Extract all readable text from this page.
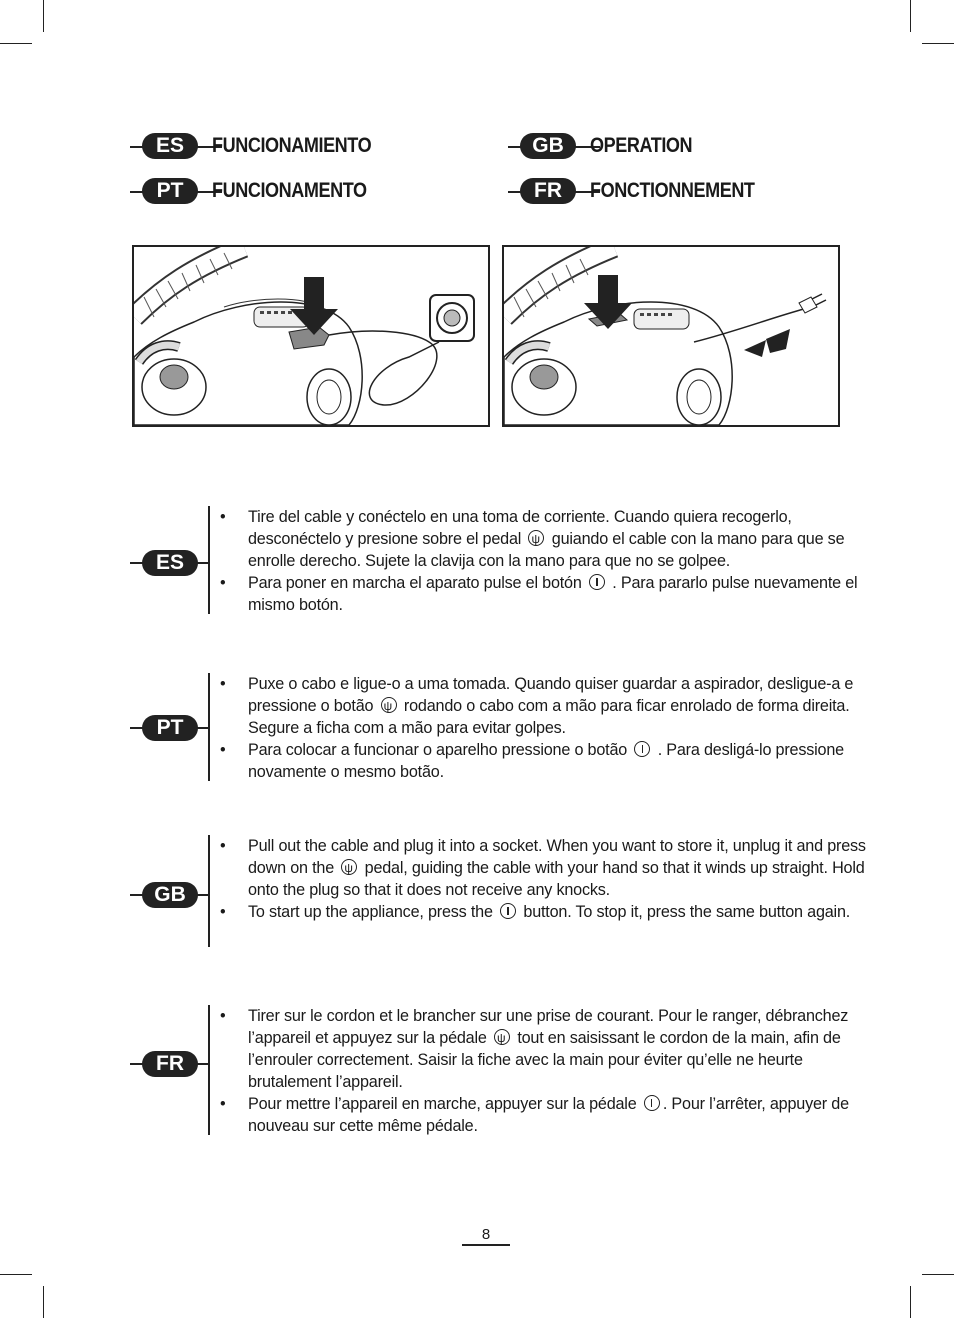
ES	FUNCIONAMIENTO	GB	OPERATION
PT	FUNCIONAMENTO	FR	FONCTIONNEMENT
ES
• Tire del cable y conéctelo en una toma de corriente. Cuando quiera recogerlo, desconéctelo y presione sobre el pedal ψ guiando el cable con la mano para que se enrolle derecho. Sujete la clavija con la mano para que no se golpee.
• Para poner en marcha el aparato pulse el botón . Para pararlo pulse nuevamente el mismo botón.
PT
• Puxe o cabo e ligue-o a uma tomada. Quando quiser guardar a aspirador, desligue-a e pressione o botão ψ rodando o cabo com a mão para ficar enrolado de forma direita. Segure a ficha com a mão para evitar golpes.
• Para colocar a funcionar o aparelho pressione o botão . Para desligá-lo pressione novamente o mesmo botão.
GB
• Pull out the cable and plug it into a socket. When you want to store it, unplug it and press down on the ψ pedal, guiding the cable with your hand so that it winds up straight. Hold onto the plug so that it does not receive any knocks.
• To start up the appliance, press the button. To stop it, press the same button again.
FR
• Tirer sur le cordon et le brancher sur une prise de courant. Pour le ranger, débranchez l’appareil et appuyez sur la pédale ψ tout en saisissant le cordon de la main, afin de l’enrouler correctement. Saisir la fiche avec la main pour éviter qu’elle ne heurte brutalement l’appareil.
• Pour mettre l’appareil en marche, appuyer sur la pédale . Pour l’arrêter, appuyer de nouveau sur cette même pédale.
8
